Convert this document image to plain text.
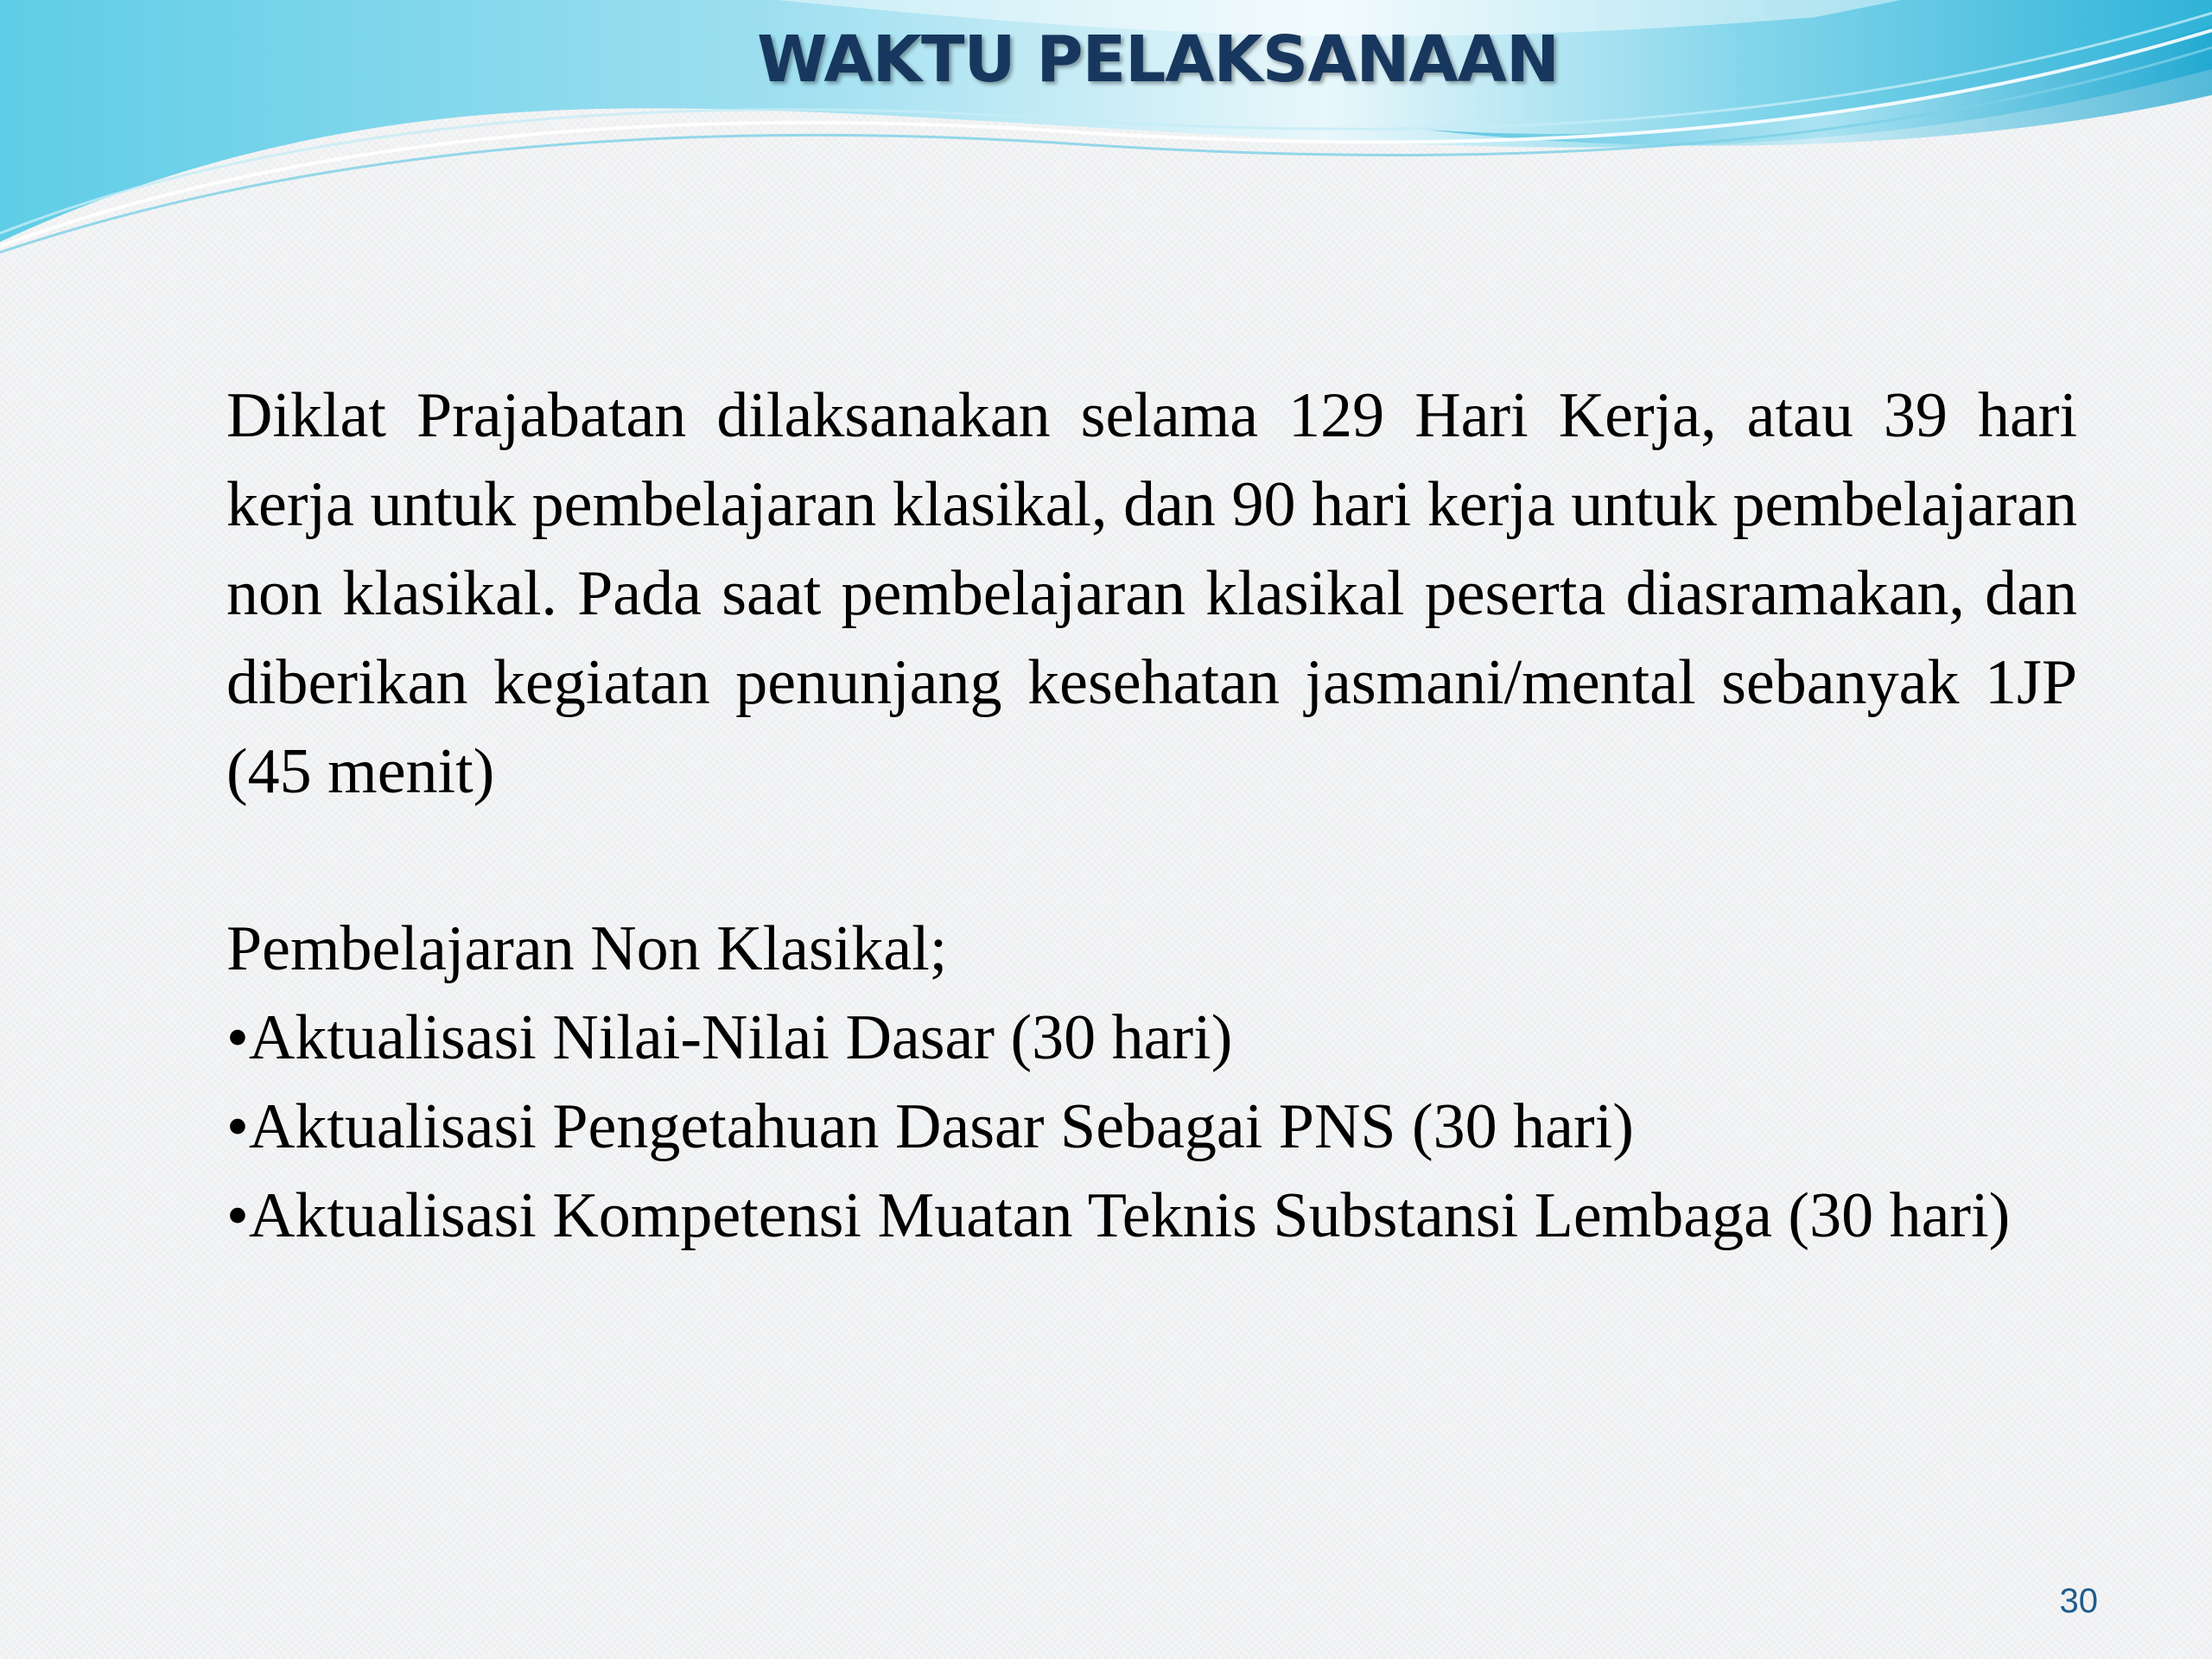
WAKTU PELAKSANAAN

Diklat Prajabatan dilaksanakan selama 129 Hari Kerja, atau 39 hari kerja untuk pembelajaran klasikal, dan 90 hari kerja untuk pembelajaran non klasikal. Pada saat pembelajaran klasikal peserta diasramakan, dan diberikan kegiatan penunjang kesehatan jasmani/mental sebanyak 1JP (45 menit)

Pembelajaran Non Klasikal;

•Aktualisasi Nilai-Nilai Dasar (30 hari)

•Aktualisasi Pengetahuan Dasar Sebagai PNS (30 hari)

•Aktualisasi Kompetensi Muatan Teknis Substansi Lembaga (30 hari)

30
